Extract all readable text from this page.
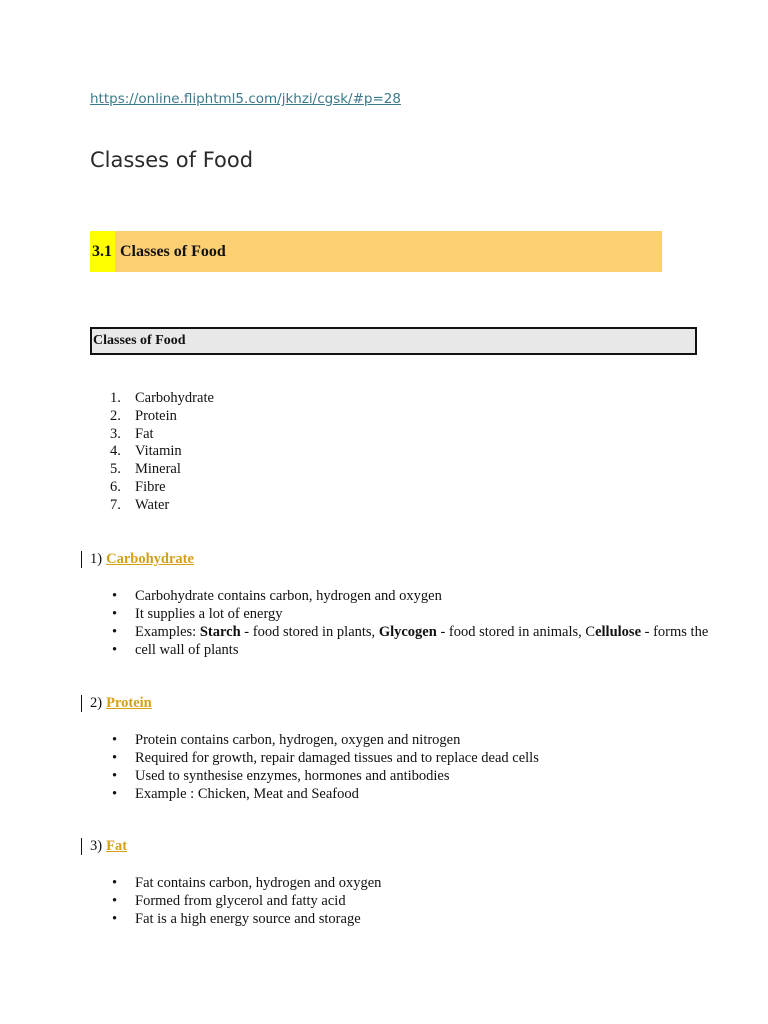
https://online.fliphtml5.com/jkhzi/cgsk/#p=28
Classes of Food
3.1 Classes of Food
Classes of Food
1. Carbohydrate
2. Protein
3. Fat
4. Vitamin
5. Mineral
6. Fibre
7. Water
1) Carbohydrate
•	Carbohydrate contains carbon, hydrogen and oxygen
•	It supplies a lot of energy
•	Examples: Starch - food stored in plants, Glycogen - food stored in animals, Cellulose - forms the
•	cell wall of plants
2) Protein
•	Protein contains carbon, hydrogen, oxygen and nitrogen
•	Required for growth, repair damaged tissues and to replace dead cells
•	Used to synthesise enzymes, hormones and antibodies
•	Example : Chicken, Meat and Seafood
3) Fat
•	Fat contains carbon, hydrogen and oxygen
•	Formed from glycerol and fatty acid
•	Fat is a high energy source and storage
